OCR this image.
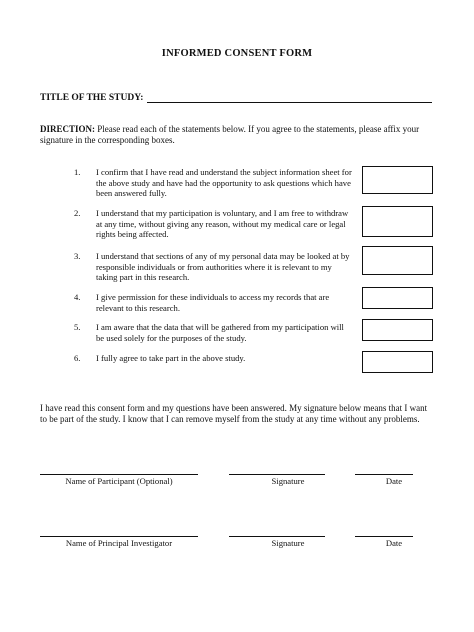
INFORMED CONSENT FORM
TITLE OF THE STUDY:
DIRECTION: Please read each of the statements below. If you agree to the statements, please affix your signature in the corresponding boxes.
1.	I confirm that I have read and understand the subject information sheet for the above study and have had the opportunity to ask questions which have been answered fully.
2.	I understand that my participation is voluntary, and I am free to withdraw at any time, without giving any reason, without my medical care or legal rights being affected.
3.	I understand that sections of any of my personal data may be looked at by responsible individuals or from authorities where it is relevant to my taking part in this research.
4.	I give permission for these individuals to access my records that are relevant to this research.
5.	I am aware that the data that will be gathered from my participation will be used solely for the purposes of the study.
6.	I fully agree to take part in the above study.
I have read this consent form and my questions have been answered. My signature below means that I want to be part of the study. I know that I can remove myself from the study at any time without any problems.
Name of Participant (Optional)	Signature	Date
Name of Principal Investigator	Signature	Date
